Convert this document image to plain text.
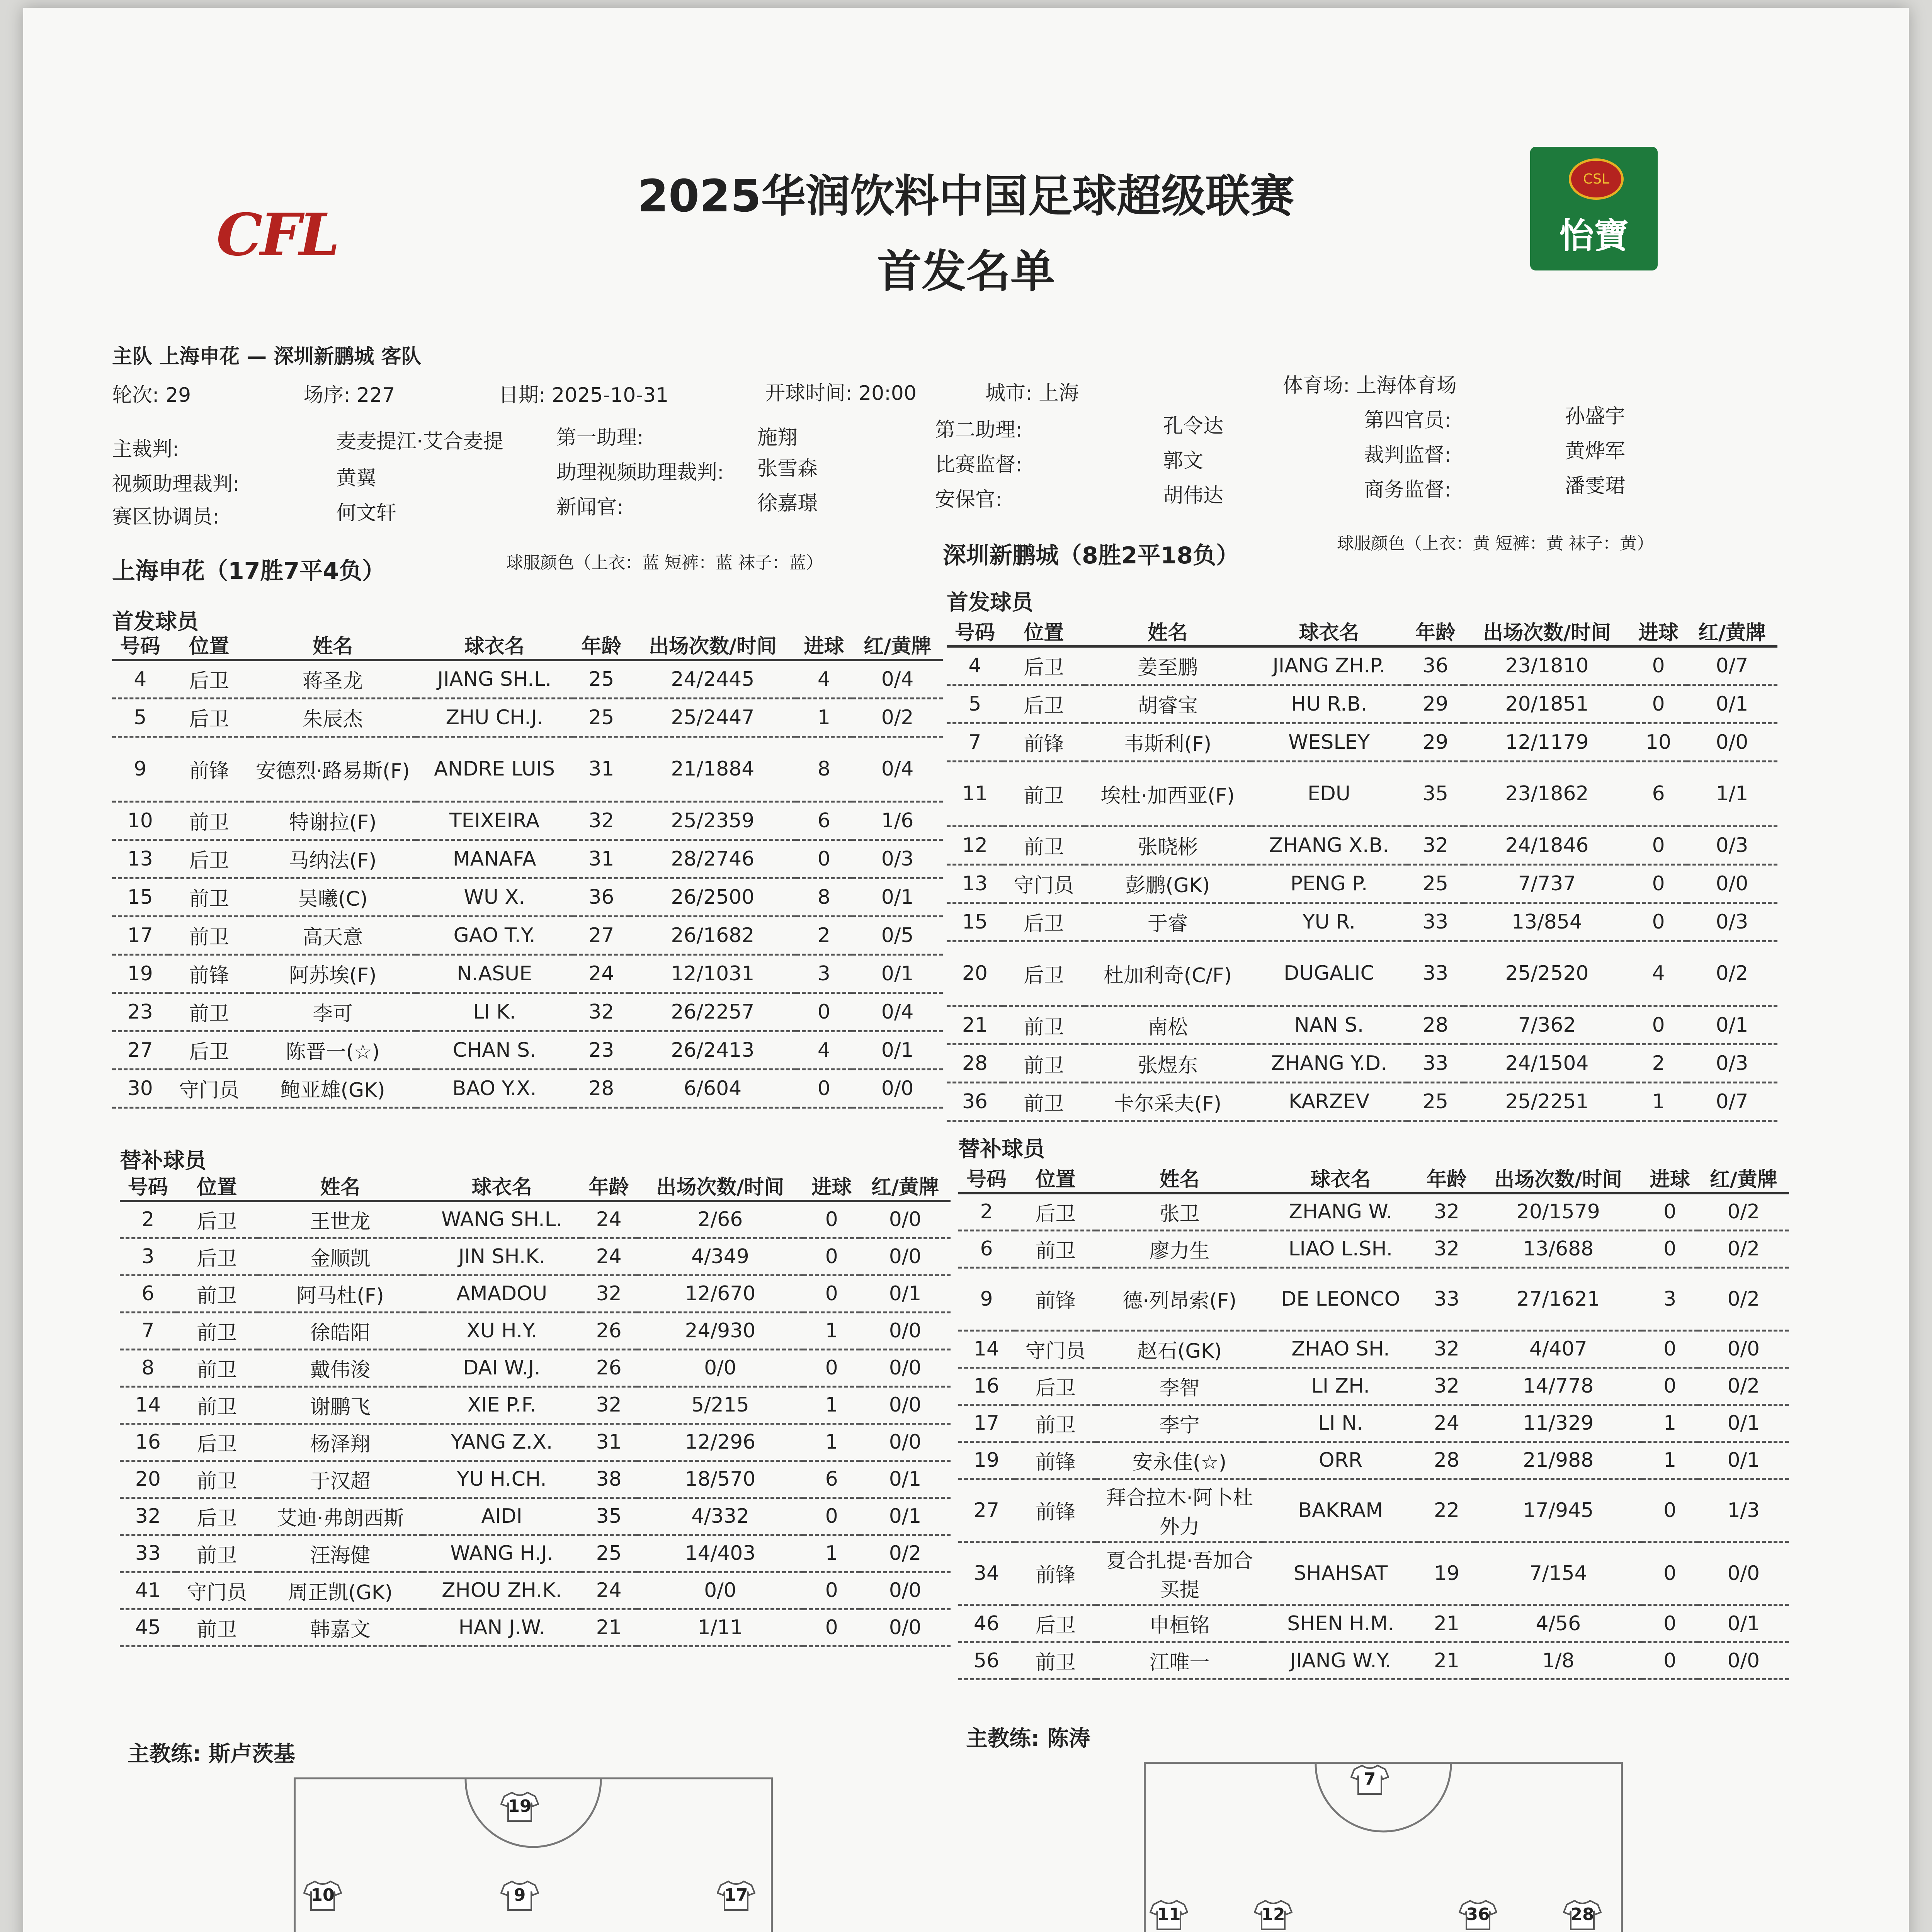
CFL
CSL
怡寶
2025华润饮料中国足球超级联赛
首发名单
主队 上海申花 — 深圳新鹏城 客队
轮次: 29	场序: 227	日期: 2025-10-31	开球时间: 20:00	城市: 上海	体育场: 上海体育场
主裁判:	麦麦提江·艾合麦提	第一助理:	施翔	第二助理:	孔令达	第四官员:	孙盛宇
视频助理裁判:	黄翼	助理视频助理裁判: 张雪森	比赛监督:	郭文	裁判监督:	黄烨军
赛区协调员:	何文轩	新闻官:	徐嘉璟	安保官:	胡伟达	商务监督:	潘雯珺
上海申花（17胜7平4负）	球服颜色（上衣：蓝 短裤：蓝 袜子：蓝）	深圳新鹏城（8胜2平18负）	球服颜色（上衣：黄 短裤：黄 袜子：黄）
首发球员
首发球员
号码	位置	姓名	球衣名	年龄	出场次数/时间	进球	红/黄牌
4	后卫	蒋圣龙	JIANG SH.L.	25	24/2445	4	0/4
5	后卫	朱辰杰	ZHU CH.J.	25	25/2447	1	0/2
9	前锋	安德烈·路易斯(F)	ANDRE LUIS	31	21/1884	8	0/4
10	前卫	特谢拉(F)	TEIXEIRA	32	25/2359	6	1/6
13	后卫	马纳法(F)	MANAFA	31	28/2746	0	0/3
15	前卫	吴曦(C)	WU X.	36	26/2500	8	0/1
17	前卫	高天意	GAO T.Y.	27	26/1682	2	0/5
19	前锋	阿苏埃(F)	N.ASUE	24	12/1031	3	0/1
23	前卫	李可	LI K.	32	26/2257	0	0/4
27	后卫	陈晋一(☆)	CHAN S.	23	26/2413	4	0/1
30	守门员	鲍亚雄(GK)	BAO Y.X.	28	6/604	0	0/0
号码	位置	姓名	球衣名	年龄	出场次数/时间	进球	红/黄牌
4	后卫	姜至鹏	JIANG ZH.P.	36	23/1810	0	0/7
5	后卫	胡睿宝	HU R.B.	29	20/1851	0	0/1
7	前锋	韦斯利(F)	WESLEY	29	12/1179	10	0/0
11	前卫	埃杜·加西亚(F)	EDU	35	23/1862	6	1/1
12	前卫	张晓彬	ZHANG X.B.	32	24/1846	0	0/3
13	守门员	彭鹏(GK)	PENG P.	25	7/737	0	0/0
15	后卫	于睿	YU R.	33	13/854	0	0/3
20	后卫	杜加利奇(C/F)	DUGALIC	33	25/2520	4	0/2
21	前卫	南松	NAN S.	28	7/362	0	0/1
28	前卫	张煜东	ZHANG Y.D.	33	24/1504	2	0/3
36	前卫	卡尔采夫(F)	KARZEV	25	25/2251	1	0/7
替补球员	替补球员
号码	位置	姓名	球衣名	年龄	出场次数/时间	进球	红/黄牌
2	后卫	王世龙	WANG SH.L.	24	2/66	0	0/0
3	后卫	金顺凯	JIN SH.K.	24	4/349	0	0/0
6	前卫	阿马杜(F)	AMADOU	32	12/670	0	0/1
7	前卫	徐皓阳	XU H.Y.	26	24/930	1	0/0
8	前卫	戴伟浚	DAI W.J.	26	0/0	0	0/0
14	前卫	谢鹏飞	XIE P.F.	32	5/215	1	0/0
16	后卫	杨泽翔	YANG Z.X.	31	12/296	1	0/0
20	前卫	于汉超	YU H.CH.	38	18/570	6	0/1
32	后卫	艾迪·弗朗西斯	AIDI	35	4/332	0	0/1
33	前卫	汪海健	WANG H.J.	25	14/403	1	0/2
41	守门员	周正凯(GK)	ZHOU ZH.K.	24	0/0	0	0/0
45	前卫	韩嘉文	HAN J.W.	21	1/11	0	0/0
号码	位置	姓名	球衣名	年龄	出场次数/时间	进球	红/黄牌
2	后卫	张卫	ZHANG W.	32	20/1579	0	0/2
6	前卫	廖力生	LIAO L.SH.	32	13/688	0	0/2
9	前锋	德·列昂索(F)	DE LEONCO	33	27/1621	3	0/2
14	守门员	赵石(GK)	ZHAO SH.	32	4/407	0	0/0
16	后卫	李智	LI ZH.	32	14/778	0	0/2
17	前卫	李宁	LI N.	24	11/329	1	0/1
19	前锋	安永佳(☆)	ORR	28	21/988	1	0/1
27	前锋	拜合拉木·阿卜杜外力	BAKRAM	22	17/945	0	1/3
34	前锋	夏合扎提·吾加合买提	SHAHSAT	19	7/154	0	0/0
46	后卫	申桓铭	SHEN H.M.	21	4/56	0	0/1
56	前卫	江唯一	JIANG W.Y.	21	1/8	0	0/0
主教练: 斯卢茨基
主教练: 陈涛
19
10	9	17
7
11	12	36	28
